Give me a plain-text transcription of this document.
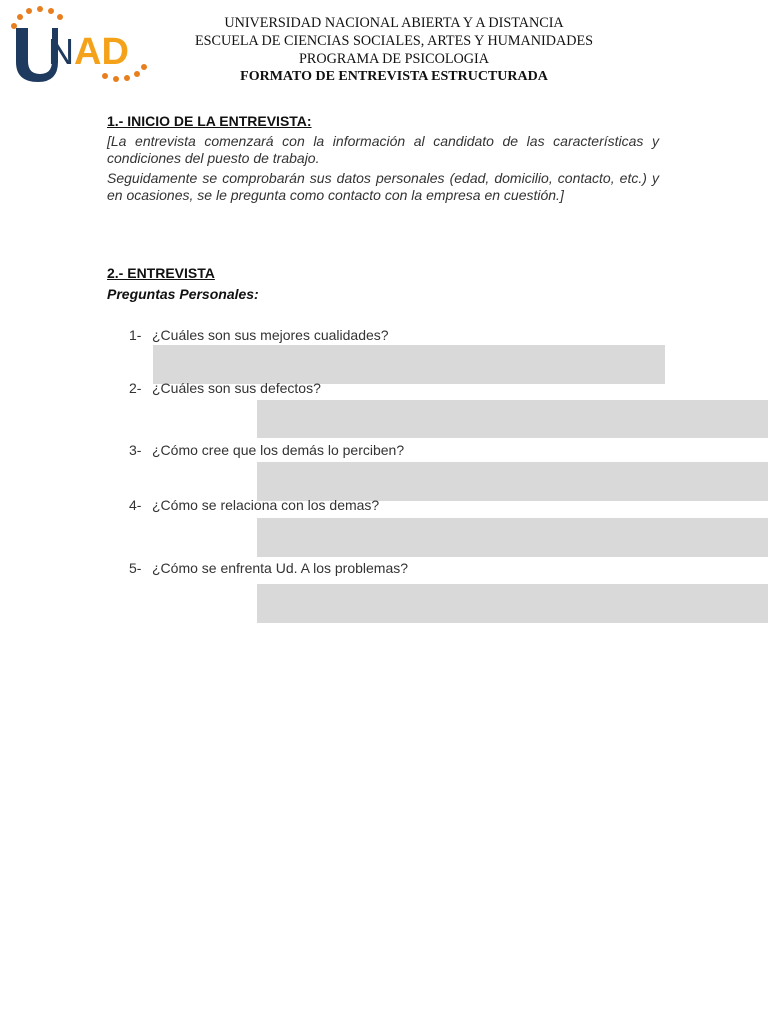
N AD
UNIVERSIDAD NACIONAL ABIERTA Y A DISTANCIA
ESCUELA DE CIENCIAS SOCIALES, ARTES Y HUMANIDADES
PROGRAMA DE PSICOLOGIA
FORMATO DE ENTREVISTA ESTRUCTURADA
1.- INICIO DE LA ENTREVISTA:
[La entrevista comenzará con la información al candidato de las características y condiciones del puesto de trabajo.
Seguidamente se comprobarán sus datos personales (edad, domicilio, contacto, etc.) y en ocasiones, se le pregunta como contacto con la empresa en cuestión.]
2.- ENTREVISTA
Preguntas Personales:
1- ¿Cuáles son sus mejores cualidades?
2- ¿Cuáles son sus defectos?
3- ¿Cómo cree que los demás lo perciben?
4- ¿Cómo se relaciona con los demas?
5- ¿Cómo se enfrenta Ud. A los problemas?
